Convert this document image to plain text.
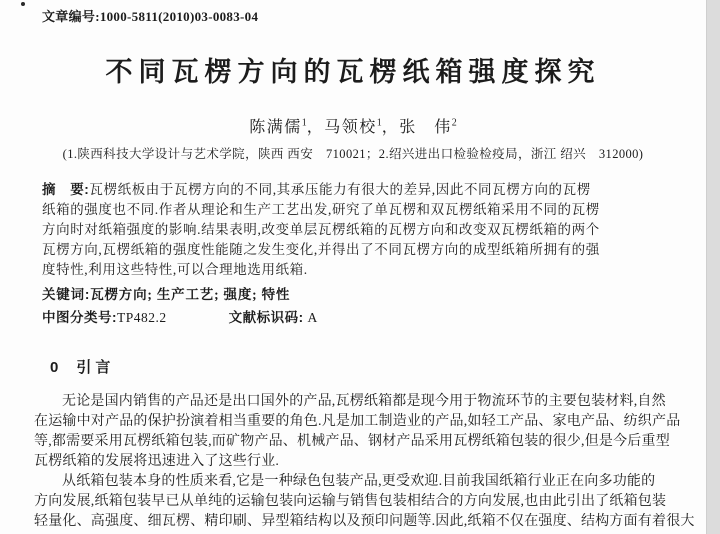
文章编号:1000-5811(2010)03-0083-04
不同瓦楞方向的瓦楞纸箱强度探究
陈满儒$^1$，马领校$^1$，张　伟$^2$
(1.陕西科技大学设计与艺术学院，陕西 西安　710021；2.绍兴进出口检验检疫局，浙江 绍兴　312000)
摘　要:瓦楞纸板由于瓦楞方向的不同,其承压能力有很大的差异,因此不同瓦楞方向的瓦楞
纸箱的强度也不同.作者从理论和生产工艺出发,研究了单瓦楞和双瓦楞纸箱采用不同的瓦楞
方向时对纸箱强度的影响.结果表明,改变单层瓦楞纸箱的瓦楞方向和改变双瓦楞纸箱的两个
瓦楞方向,瓦楞纸箱的强度性能随之发生变化,并得出了不同瓦楞方向的成型纸箱所拥有的强
度特性,利用这些特性,可以合理地选用纸箱.
关键词:瓦楞方向; 生产工艺; 强度; 特性
中图分类号:TP482.2	文献标识码: A
0 引言
无论是国内销售的产品还是出口国外的产品,瓦楞纸箱都是现今用于物流环节的主要包装材料,自然
在运输中对产品的保护扮演着相当重要的角色.凡是加工制造业的产品,如轻工产品、家电产品、纺织产品
等,都需要采用瓦楞纸箱包装,而矿物产品、机械产品、钢材产品采用瓦楞纸箱包装的很少,但是今后重型
瓦楞纸箱的发展将迅速进入了这些行业.
从纸箱包装本身的性质来看,它是一种绿色包装产品,更受欢迎.目前我国纸箱行业正在向多功能的
方向发展,纸箱包装早已从单纯的运输包装向运输与销售包装相结合的方向发展,也由此引出了纸箱包装
轻量化、高强度、细瓦楞、精印刷、异型箱结构以及预印问题等.因此,纸箱不仅在强度、结构方面有着很大
